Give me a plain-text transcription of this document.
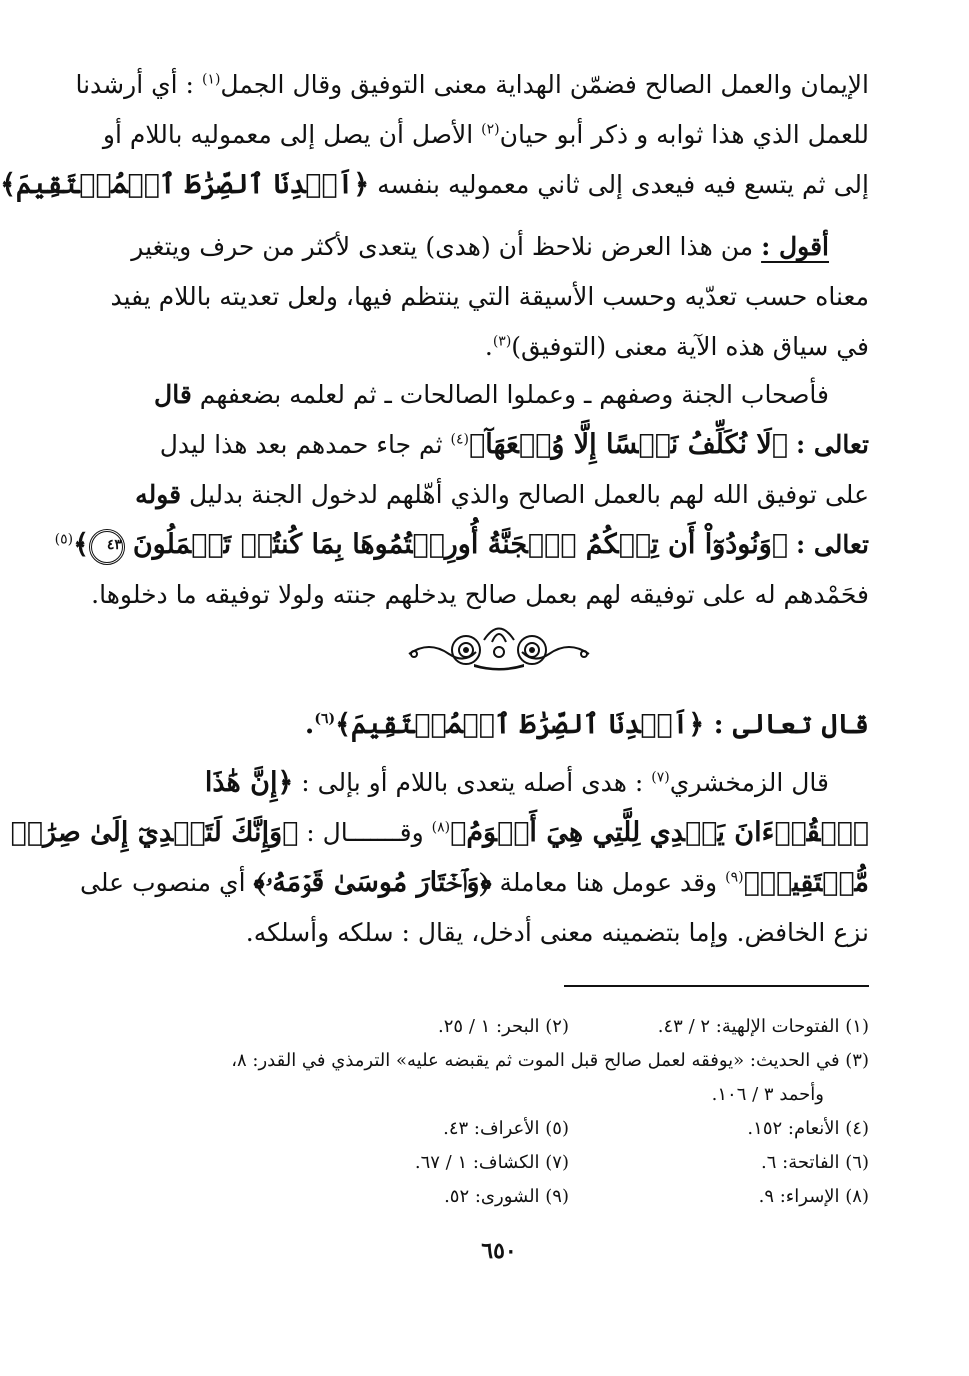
الإيمان والعمل الصالح فضمّن الهداية معنى التوفيق وقال الجمل$^{(١)}$ : أي أرشدنا
للعمل الذي هذا ثوابه و ذكر أبو حيان$^{(٢)}$ الأصل أن يصل إلى معموليه باللام أو
إلى ثم يتسع فيه فيعدى إلى ثاني معموليه بنفسه ﴿اَهۡدِنَا ٱلصِّرَٰطَ ٱلۡمُسۡتَقِيمَ﴾
أقول : من هذا العرض نلاحظ أن (هدى) يتعدى لأكثر من حرف ويتغير
معناه حسب تعدّيه وحسب الأسيقة التي ينتظم فيها، ولعل تعديته باللام يفيد
في سياق هذه الآية معنى (التوفيق)$^{(٣)}$.
فأصحاب الجنة وصفهم ـ وعملوا الصالحات ـ ثم لعلمه بضعفهم قال
تعالى : ﴿لَا نُكَلِّفُ نَفۡسًا إِلَّا وُسۡعَهَآ﴾$^{(٤)}$ ثم جاء حمدهم بعد هذا ليدل
على توفيق الله لهم بالعمل الصالح والذي أهّلهم لدخول الجنة بدليل قوله
تعالى : ﴿وَنُودُوٓاْ أَن تِلۡكُمُ ٱلۡجَنَّةُ أُورِثۡتُمُوهَا بِمَا كُنتُمۡ تَعۡمَلُونَ ٤٣﴾$^{(٥)}$
فحَمْدهم له على توفيقه لهم بعمل صالح يدخلهم جنته ولولا توفيقه ما دخلوها.
قال تعالى : ﴿اَهۡدِنَا ٱلصِّرَٰطَ ٱلۡمُسۡتَقِيمَ﴾$^{(٦)}$.
قال الزمخشري$^{(٧)}$ : هدى أصله يتعدى باللام أو بإلى : ﴿إِنَّ هَٰذَا
ٱلۡقُرۡءَانَ يَهۡدِي لِلَّتِي هِيَ أَقۡوَمُ﴾$^{(٨)}$ وقـــــــال : ﴿وَإِنَّكَ لَتَهۡدِيٓ إِلَىٰ صِرَٰطٖ
مُّسۡتَقِيمٖ﴾$^{(٩)}$ وقد عومل هنا معاملة ﴿وَٱخۡتَارَ مُوسَىٰ قَوۡمَهُۥ﴾ أي منصوب على
نزع الخافض. وإما بتضمينه معنى أدخل، يقال : سلكه وأسلكه.
(١) الفتوحات الإلهية: ٢ / ٤٣.
(٢) البحر: ١ / ٢٥.
(٣) في الحديث: «يوفقه لعمل صالح قبل الموت ثم يقبضه عليه» الترمذي في القدر: ٨،
وأحمد ٣ / ١٠٦.
(٤) الأنعام: ١٥٢.
(٥) الأعراف: ٤٣.
(٦) الفاتحة: ٦.
(٧) الكشاف: ١ / ٦٧.
(٨) الإسراء: ٩.
(٩) الشورى: ٥٢.
٦٥٠
